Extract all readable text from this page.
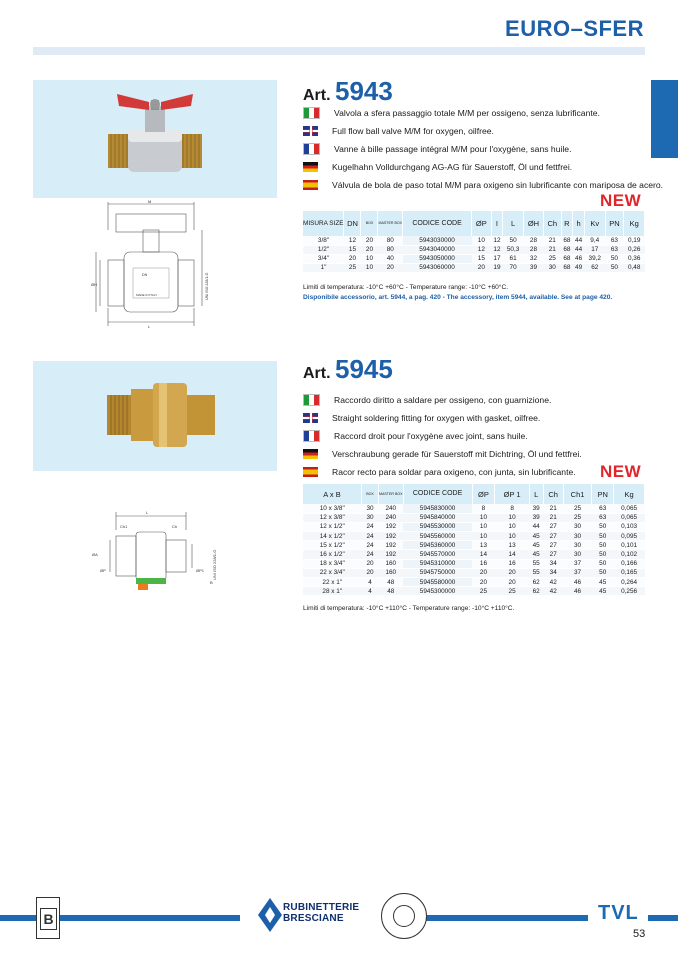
EURO–SFER
M
L
ØH
DN
MADE IN ITALY	UNI ISO 228/1-G
Art. 5943
Valvola a sfera passaggio totale M/M per ossigeno, senza lubrificante.
Full flow ball valve M/M for oxygen, oilfree.
Vanne à bille passage intégral M/M pour l'oxygène, sans huile.
Kugelhahn Volldurchgang AG-AG für Sauerstoff, Öl und fettfrei.
Válvula de bola de paso total M/M para oxigeno sin lubrificante con mariposa de acero.
NEW
MISURA SIZE	DN	BOX	MASTER BOX	CODICE CODE	ØP	I	L	ØH	Ch	R	h	Kv	PN	Kg
3/8"	12	20	80	5943030000	10	12	50	28	21	68	44	9,4	63	0,19
1/2"	15	20	80	5943040000	12	12	50,3	28	21	68	44	17	63	0,26
3/4"	20	10	40	5943050000	15	17	61	32	25	68	46	39,2	50	0,36
1"	25	10	20	5943060000	20	19	70	39	30	68	49	62	50	0,48
Limiti di temperatura: -10°C +60°C - Temperature range: -10°C +60°C.
Disponibile accessorio, art. 5944, a pag. 420 - The accessory, item 5944, available. See at page 420.
L
Ch1	Ch
ØA
ØP	ØP1
B
UNI ISO 228/1-G
Art. 5945
Raccordo diritto a saldare per ossigeno, con guarnizione.
Straight soldering fitting for oxygen with gasket, oilfree.
Raccord droit pour l'oxygène avec joint, sans huile.
Verschraubung gerade für Sauerstoff mit Dichtring, Öl und fettfrei.
Racor recto para soldar para oxigeno, con junta, sin lubrificante. NEW
A x B	BOX	MASTER BOX	CODICE CODE	ØP	ØP 1	L	Ch	Ch1	PN	Kg
10 x 3/8"	30	240	5945830000	8	8	39	21	25	63	0,065
12 x 3/8"	30	240	5945840000	10	10	39	21	25	63	0,065
12 x 1/2"	24	192	5945530000	10	10	44	27	30	50	0,103
14 x 1/2"	24	192	5945560000	10	10	45	27	30	50	0,095
15 x 1/2"	24	192	5945360000	13	13	45	27	30	50	0,101
16 x 1/2"	24	192	5945570000	14	14	45	27	30	50	0,102
18 x 3/4"	20	160	5945310000	16	16	55	34	37	50	0,166
22 x 3/4"	20	160	5945750000	20	20	55	34	37	50	0,165
22 x 1"	4	48	5945580000	20	20	62	42	46	45	0,264
28 x 1"	4	48	5945300000	25	25	62	42	46	45	0,256
Limiti di temperatura: -10°C +110°C - Temperature range: -10°C +110°C.
B
RUBINETTERIE
BRESCIANE	TVL
53
